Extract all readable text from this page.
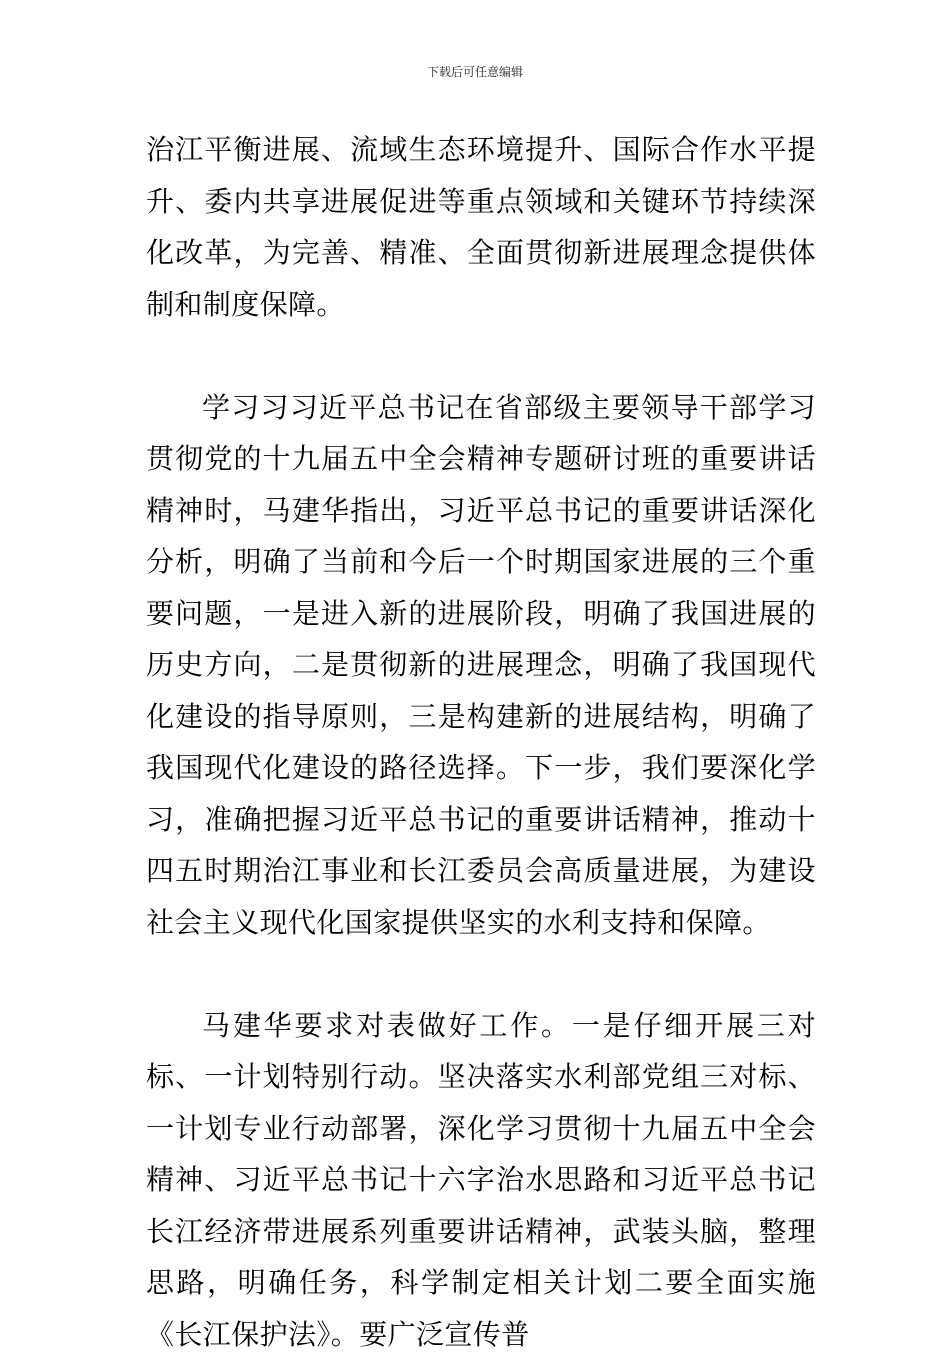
下载后可任意编辑

治江平衡进展、流域生态环境提升、国际合作水平提升、委内共享进展促进等重点领域和关键环节持续深化改革，为完善、精准、全面贯彻新进展理念提供体制和制度保障。

学习习习近平总书记在省部级主要领导干部学习贯彻党的十九届五中全会精神专题研讨班的重要讲话精神时，马建华指出，习近平总书记的重要讲话深化分析，明确了当前和今后一个时期国家进展的三个重要问题，一是进入新的进展阶段，明确了我国进展的历史方向，二是贯彻新的进展理念，明确了我国现代化建设的指导原则，三是构建新的进展结构，明确了我国现代化建设的路径选择。下一步，我们要深化学习，准确把握习近平总书记的重要讲话精神，推动十四五时期治江事业和长江委员会高质量进展，为建设社会主义现代化国家提供坚实的水利支持和保障。

马建华要求对表做好工作。一是仔细开展三对标、一计划特别行动。坚决落实水利部党组三对标、一计划专业行动部署，深化学习贯彻十九届五中全会精神、习近平总书记十六字治水思路和习近平总书记长江经济带进展系列重要讲话精神，武装头脑，整理思路，明确任务，科学制定相关计划二要全面实施《长江保护法》。要广泛宣传普
